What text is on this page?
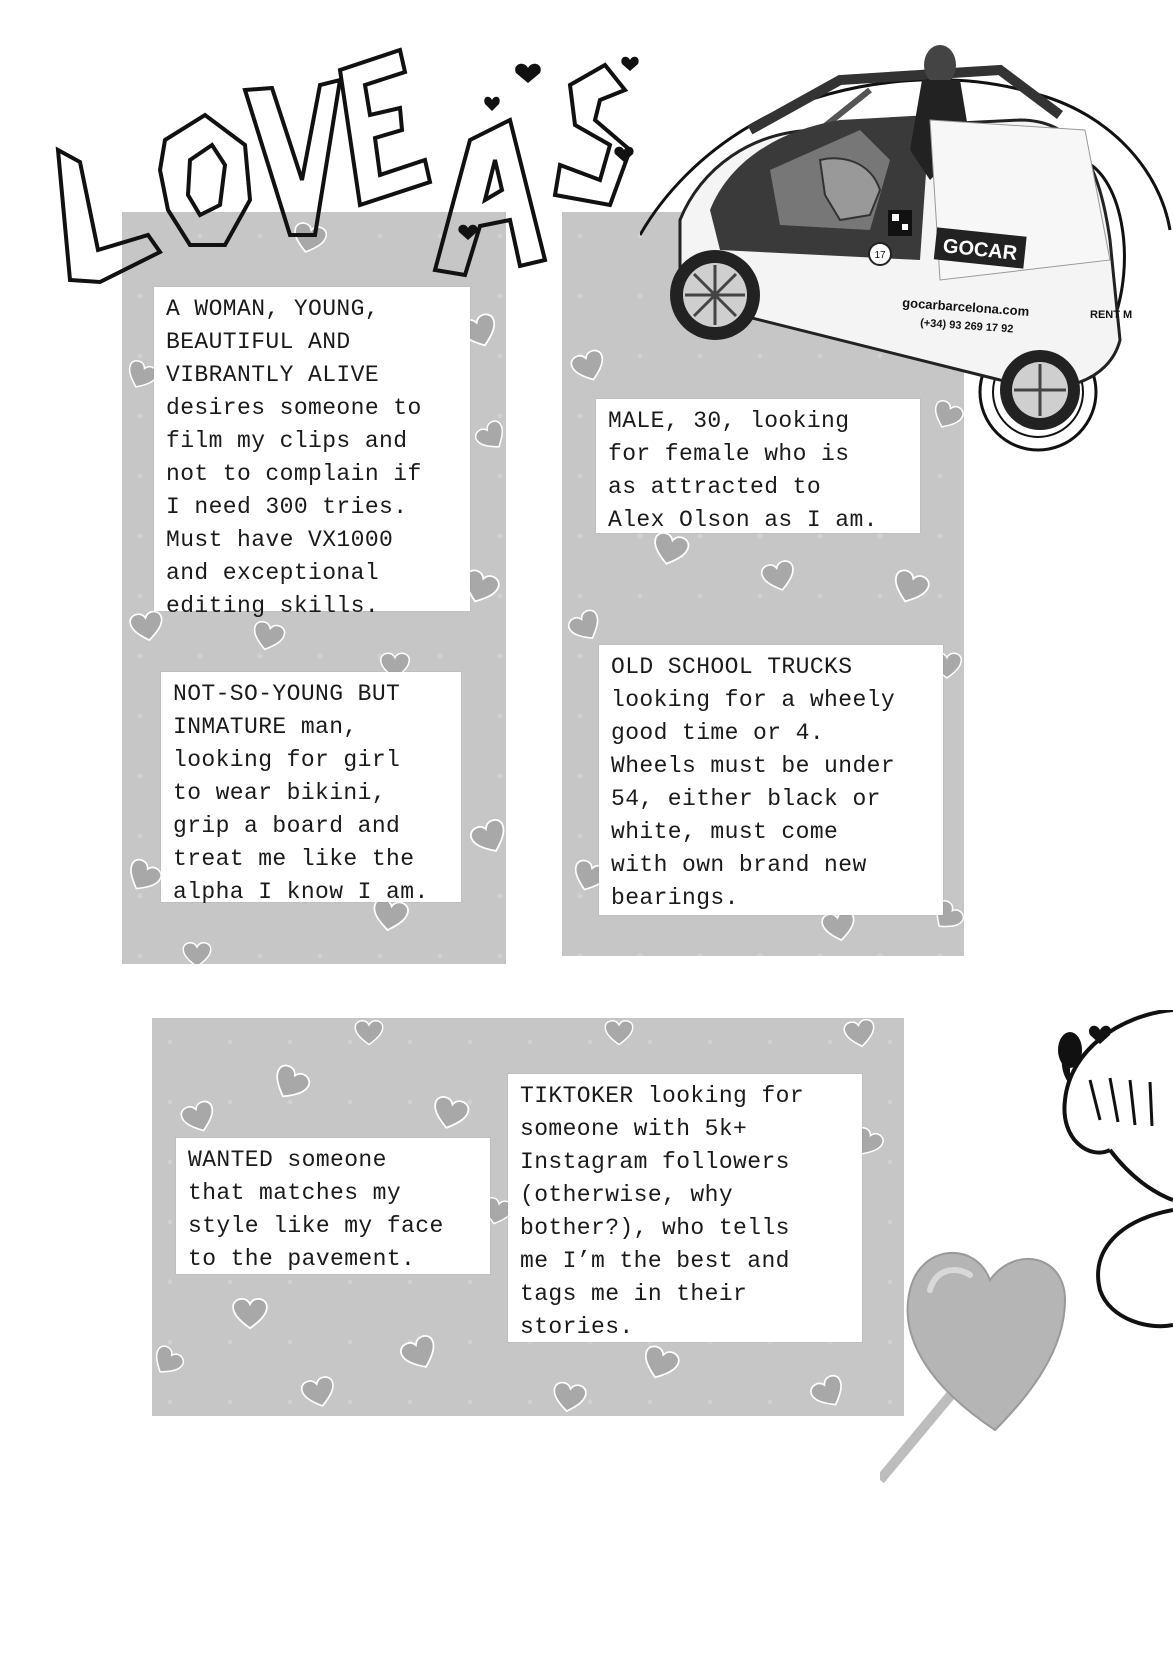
17	GOCAR
gocarbarcelona.com
(+34) 93 269 17 92
RENT M
A WOMAN, YOUNG,
BEAUTIFUL AND
VIBRANTLY ALIVE
desires someone to
film my clips and
not to complain if
I need 300 tries.
Must have VX1000
and exceptional
editing skills.
MALE, 30, looking
for female who is
as attracted to
Alex Olson as I am.
NOT-SO-YOUNG BUT
INMATURE man,
looking for girl
to wear bikini,
grip a board and
treat me like the
alpha I know I am.
OLD SCHOOL TRUCKS
looking for a wheely
good time or 4.
Wheels must be under
54, either black or
white, must come
with own brand new
bearings.
WANTED someone
that matches my
style like my face
to the pavement.
TIKTOKER looking for
someone with 5k+
Instagram followers
(otherwise, why
bother?), who tells
me I’m the best and
tags me in their
stories.
